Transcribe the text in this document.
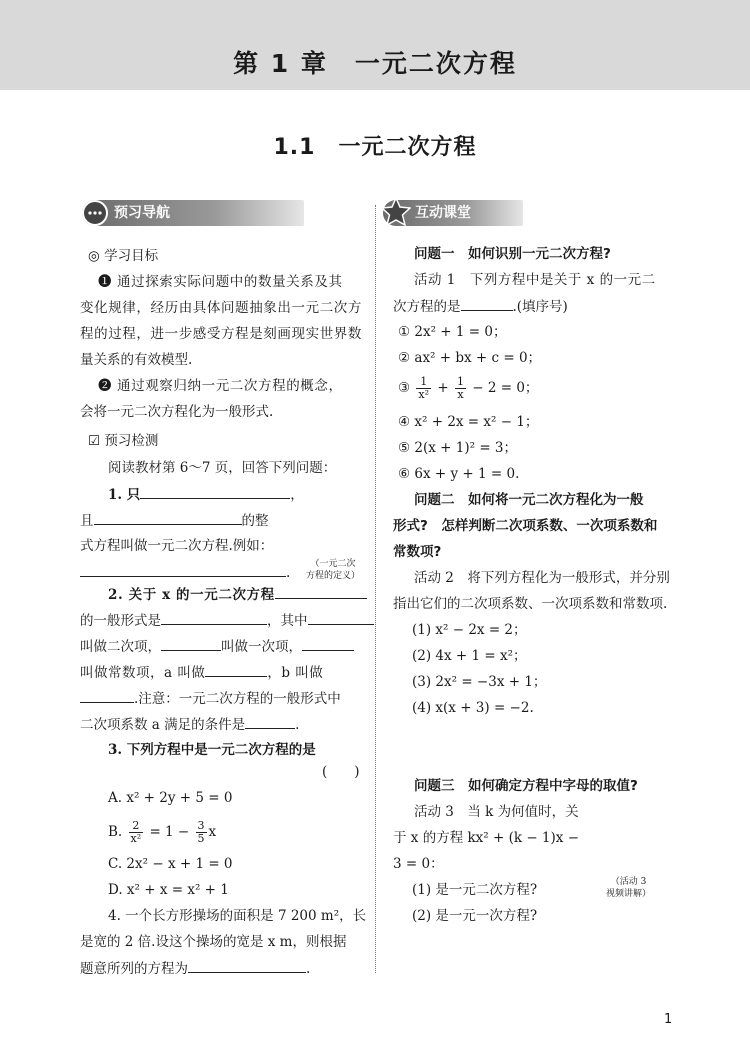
第 1 章　一元二次方程
1.1　一元二次方程
预习导航
◎ 学习目标
❶ 通过探索实际问题中的数量关系及其
变化规律，经历由具体问题抽象出一元二次方
程的过程，进一步感受方程是刻画现实世界数
量关系的有效模型.
❷ 通过观察归纳一元二次方程的概念，
会将一元二次方程化为一般形式.
☑ 预习检测
阅读教材第 6～7 页，回答下列问题：
1. 只	，
且	的整
式方程叫做一元二次方程.例如：
.
（一元二次
方程的定义）
2. 关于 x 的一元二次方程
的一般形式是	，其中
叫做二次项，	叫做一次项，
叫做常数项，a 叫做	，b 叫做
.注意：一元二次方程的一般形式中
二次项系数 a 满足的条件是	.
3. 下列方程中是一元二次方程的是
(　　)
A. x² + 2y + 5 = 0
B. $\frac{2}{\text{x²}} = 1 - \frac{3}{5}$ x
C. 2x² − x + 1 = 0
D. x² + x = x² + 1
4. 一个长方形操场的面积是 7 200 m²，长
是宽的 2 倍.设这个操场的宽是 x m，则根据
题意所列的方程为	.
互动课堂
问题一　如何识别一元二次方程?
活动 1　下列方程中是关于 x 的一元二
次方程的是	.(填序号)
① 2x² + 1 = 0；
② ax² + bx + c = 0；
③ $\frac{1}{\text{x²}} + \frac{1}{x} - 2 = 0$；
④ x² + 2x = x² − 1；
⑤ 2(x + 1)² = 3；
⑥ 6x + y + 1 = 0.
问题二　如何将一元二次方程化为一般
形式?　怎样判断二次项系数、一次项系数和
常数项?
活动 2　将下列方程化为一般形式，并分别
指出它们的二次项系数、一次项系数和常数项.
(1) x² − 2x = 2；
(2) 4x + 1 = x²；
(3) 2x² = −3x + 1；
(4) x(x + 3) = −2.
问题三　如何确定方程中字母的取值?
活动 3　当 k 为何值时，关
于 x 的方程 kx² + (k − 1)x −
3 = 0：
(1) 是一元二次方程?
(2) 是一元一次方程?
（活动 3
视频讲解）
1
